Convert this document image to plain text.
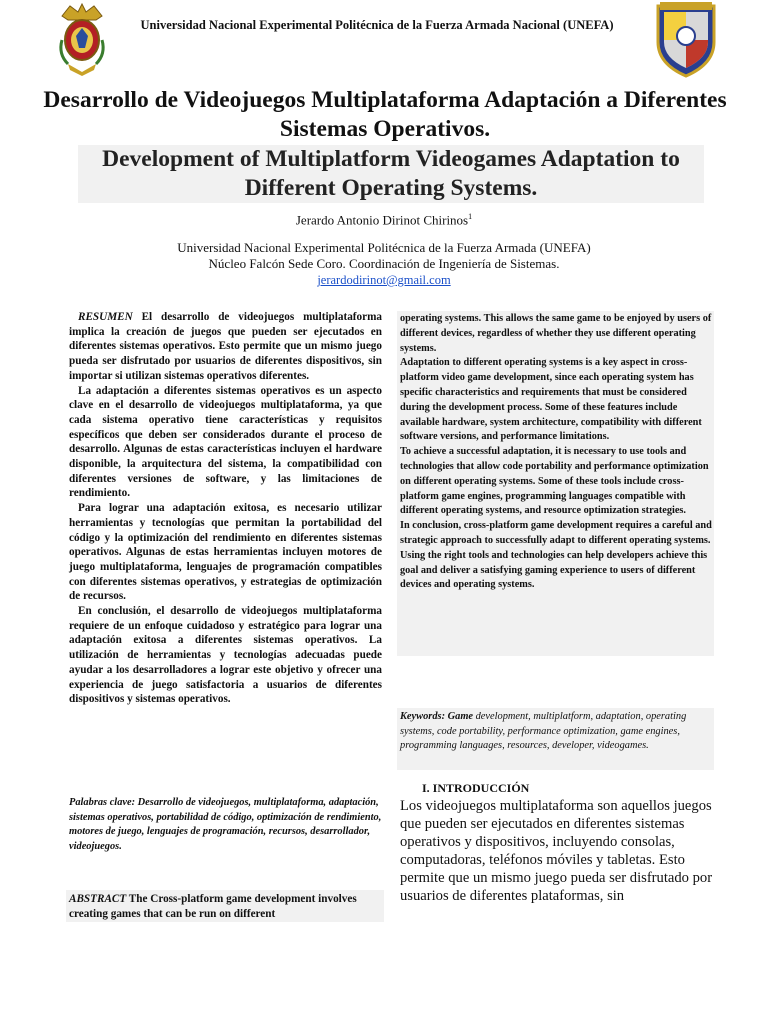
Universidad Nacional Experimental Politécnica de la Fuerza Armada Nacional (UNEFA)
Desarrollo de Videojuegos Multiplataforma Adaptación a Diferentes Sistemas Operativos.
Development of Multiplatform Videogames Adaptation to Different Operating Systems.
Jerardo Antonio Dirinot Chirinos$^1$
Universidad Nacional Experimental Politécnica de la Fuerza Armada (UNEFA)
Núcleo Falcón Sede Coro. Coordinación de Ingeniería de Sistemas.
jerardodirinot@gmail.com

RESUMEN El desarrollo de videojuegos multiplataforma implica la creación de juegos que pueden ser ejecutados en diferentes sistemas operativos. Esto permite que un mismo juego pueda ser disfrutado por usuarios de diferentes dispositivos, sin importar si utilizan sistemas operativos diferentes.

La adaptación a diferentes sistemas operativos es un aspecto clave en el desarrollo de videojuegos multiplataforma, ya que cada sistema operativo tiene características y requisitos específicos que deben ser considerados durante el proceso de desarrollo. Algunas de estas características incluyen el hardware disponible, la arquitectura del sistema, la compatibilidad con diferentes versiones de software, y las limitaciones de rendimiento.

Para lograr una adaptación exitosa, es necesario utilizar herramientas y tecnologías que permitan la portabilidad del código y la optimización del rendimiento en diferentes sistemas operativos. Algunas de estas herramientas incluyen motores de juego multiplataforma, lenguajes de programación compatibles con diferentes sistemas operativos, y estrategias de optimización de recursos.

En conclusión, el desarrollo de videojuegos multiplataforma requiere de un enfoque cuidadoso y estratégico para lograr una adaptación exitosa a diferentes sistemas operativos. La utilización de herramientas y tecnologías adecuadas puede ayudar a los desarrolladores a lograr este objetivo y ofrecer una experiencia de juego satisfactoria a usuarios de diferentes dispositivos y sistemas operativos.

Palabras clave: Desarrollo de videojuegos, multiplataforma, adaptación, sistemas operativos, portabilidad de código, optimización de rendimiento, motores de juego, lenguajes de programación, recursos, desarrollador, videojuegos.
ABSTRACT The Cross-platform game development involves creating games that can be run on different

operating systems. This allows the same game to be enjoyed by users of different devices, regardless of whether they use different operating systems.

Adaptation to different operating systems is a key aspect in cross-platform video game development, since each operating system has specific characteristics and requirements that must be considered during the development process. Some of these features include available hardware, system architecture, compatibility with different software versions, and performance limitations.

To achieve a successful adaptation, it is necessary to use tools and technologies that allow code portability and performance optimization on different operating systems. Some of these tools include cross-platform game engines, programming languages compatible with different operating systems, and resource optimization strategies.

In conclusion, cross-platform game development requires a careful and strategic approach to successfully adapt to different operating systems. Using the right tools and technologies can help developers achieve this goal and deliver a satisfying gaming experience to users of different devices and operating systems.

Keywords: Game development, multiplatform, adaptation, operating systems, code portability, performance optimization, game engines, programming languages, resources, developer, videogames.
I. INTRODUCCIÓN
Los videojuegos multiplataforma son aquellos juegos que pueden ser ejecutados en diferentes sistemas operativos y dispositivos, incluyendo consolas, computadoras, teléfonos móviles y tabletas. Esto permite que un mismo juego pueda ser disfrutado por usuarios de diferentes plataformas, sin
